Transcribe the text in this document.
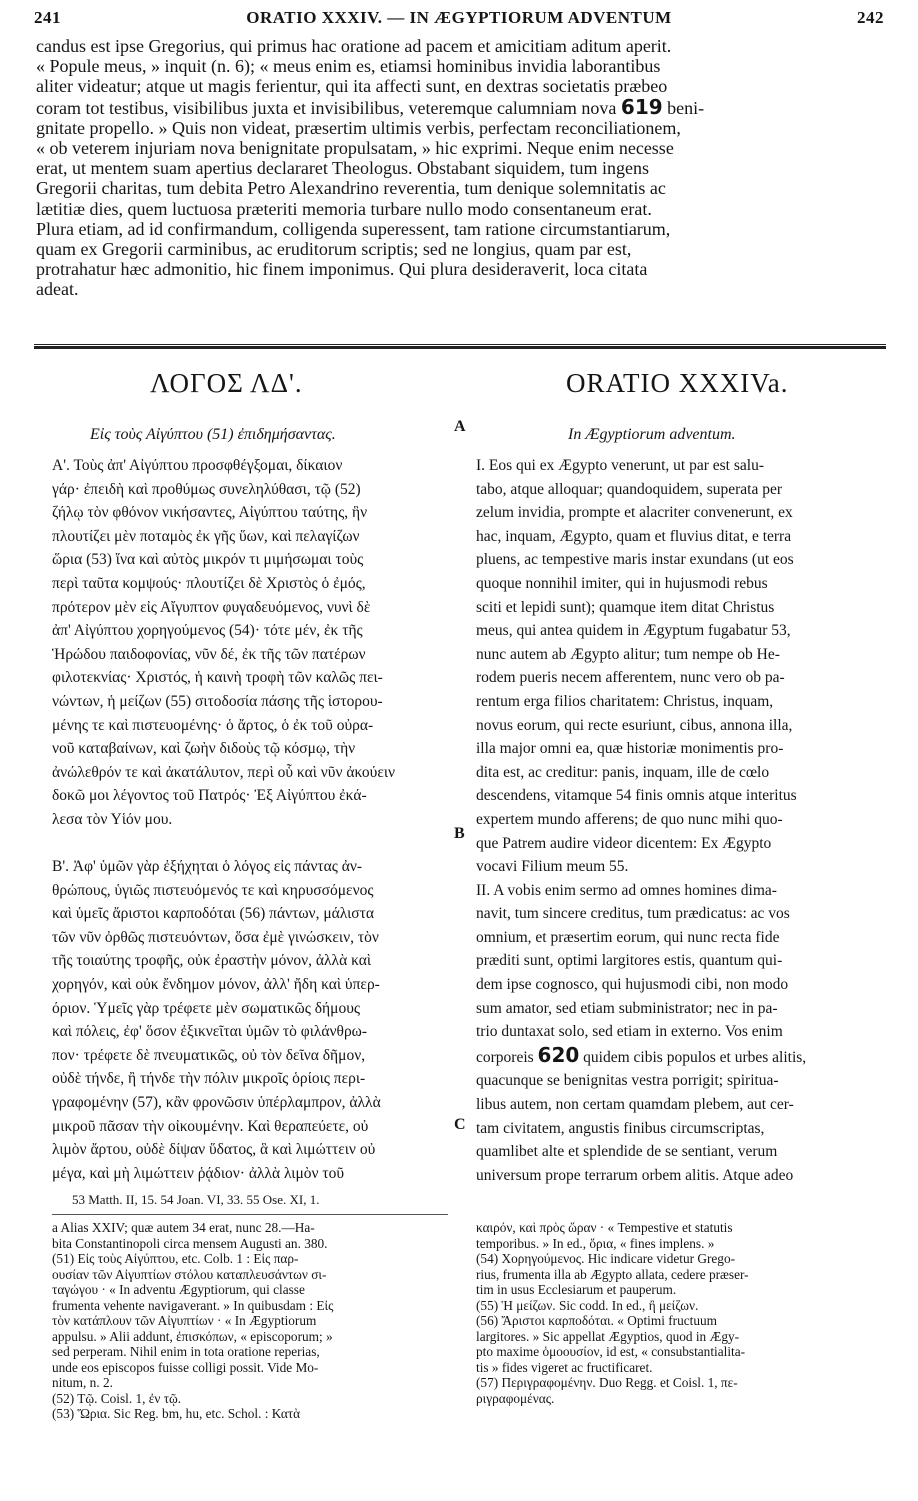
241	ORATIO XXXIV. — IN ÆGYPTIORUM ADVENTUM	242
candus est ipse Gregorius, qui primus hac oratione ad pacem et amicitiam aditum aperit.
« Popule meus, » inquit (n. 6); « meus enim es, etiamsi hominibus invidia laborantibus
aliter videatur; atque ut magis ferientur, qui ita affecti sunt, en dextras societatis præbeo
coram tot testibus, visibilibus juxta et invisibilibus, veteremque calumniam nova 619 beni-
gnitate propello. » Quis non videat, præsertim ultimis verbis, perfectam reconciliationem,
« ob veterem injuriam nova benignitate propulsatam, » hic exprimi. Neque enim necesse
erat, ut mentem suam apertius declararet Theologus. Obstabant siquidem, tum ingens
Gregorii charitas, tum debita Petro Alexandrino reverentia, tum denique solemnitatis ac
lætitiæ dies, quem luctuosa præteriti memoria turbare nullo modo consentaneum erat.
Plura etiam, ad id confirmandum, colligenda superessent, tam ratione circumstantiarum,
quam ex Gregorii carminibus, ac eruditorum scriptis; sed ne longius, quam par est,
protrahatur hæc admonitio, hic finem imponimus. Qui plura desideraverit, loca citata
adeat.
ΛΟΓΟΣ ΛΔ'.	ORATIO XXXIVa.
Εἰς τοὺς Αἰγύπτου (51) ἐπιδημήσαντας.	In Ægyptiorum adventum.
A
B
C
Α'. Τοὺς ἀπ' Αἰγύπτου προσφθέγξομαι, δίκαιον
γάρ· ἐπειδὴ καὶ προθύμως συνεληλύθασι, τῷ (52)
ζήλῳ τὸν φθόνον νικήσαντες, Αἰγύπτου ταύτης, ἣν
πλουτίζει μὲν ποταμὸς ἐκ γῆς ὕων, καὶ πελαγίζων
ὥρια (53) ἵνα καὶ αὐτὸς μικρόν τι μιμήσωμαι τοὺς
περὶ ταῦτα κομψούς· πλουτίζει δὲ Χριστὸς ὁ ἐμός,
πρότερον μὲν εἰς Αἴγυπτον φυγαδευόμενος, νυνὶ δὲ
ἀπ' Αἰγύπτου χορηγούμενος (54)· τότε μέν, ἐκ τῆς
Ἡρώδου παιδοφονίας, νῦν δέ, ἐκ τῆς τῶν πατέρων
φιλοτεκνίας· Χριστός, ἡ καινὴ τροφὴ τῶν καλῶς πει-
νώντων, ἡ μείζων (55) σιτοδοσία πάσης τῆς ἱστορου-
μένης τε καὶ πιστευομένης· ὁ ἄρτος, ὁ ἐκ τοῦ οὐρα-
νοῦ καταβαίνων, καὶ ζωὴν διδοὺς τῷ κόσμῳ, τὴν
ἀνώλεθρόν τε καὶ ἀκατάλυτον, περὶ οὗ καὶ νῦν ἀκούειν
δοκῶ μοι λέγοντος τοῦ Πατρός· Ἐξ Αἰγύπτου ἐκά-
λεσα τὸν Υἱόν μου.

Β'. Ἀφ' ὑμῶν γὰρ ἐξήχηται ὁ λόγος εἰς πάντας ἀν-
θρώπους, ὑγιῶς πιστευόμενός τε καὶ κηρυσσόμενος
καὶ ὑμεῖς ἄριστοι καρποδόται (56) πάντων, μάλιστα
τῶν νῦν ὀρθῶς πιστευόντων, ὅσα ἐμὲ γινώσκειν, τὸν
τῆς τοιαύτης τροφῆς, οὐκ ἐραστὴν μόνον, ἀλλὰ καὶ
χορηγόν, καὶ οὐκ ἔνδημον μόνον, ἀλλ' ἤδη καὶ ὑπερ-
όριον. Ὑμεῖς γὰρ τρέφετε μὲν σωματικῶς δήμους
καὶ πόλεις, ἐφ' ὅσον ἐξικνεῖται ὑμῶν τὸ φιλάνθρω-
πον· τρέφετε δὲ πνευματικῶς, οὐ τὸν δεῖνα δῆμον,
οὐδὲ τήνδε, ἢ τήνδε τὴν πόλιν μικροῖς ὁρίοις περι-
γραφομένην (57), κἂν φρονῶσιν ὑπέρλαμπρον, ἀλλὰ
μικροῦ πᾶσαν τὴν οἰκουμένην. Καὶ θεραπεύετε, οὐ
λιμὸν ἄρτου, οὐδὲ δίψαν ὕδατος, ἃ καὶ λιμώττειν οὐ
μέγα, καὶ μὴ λιμώττειν ῥᾴδιον· ἀλλὰ λιμὸν τοῦ
I. Eos qui ex Ægypto venerunt, ut par est salu-
tabo, atque alloquar; quandoquidem, superata per
zelum invidia, prompte et alacriter convenerunt, ex
hac, inquam, Ægypto, quam et fluvius ditat, e terra
pluens, ac tempestive maris instar exundans (ut eos
quoque nonnihil imiter, qui in hujusmodi rebus
sciti et lepidi sunt); quamque item ditat Christus
meus, qui antea quidem in Ægyptum fugabatur 53,
nunc autem ab Ægypto alitur; tum nempe ob He-
rodem pueris necem afferentem, nunc vero ob pa-
rentum erga filios charitatem: Christus, inquam,
novus eorum, qui recte esuriunt, cibus, annona illa,
illa major omni ea, quæ historiæ monimentis pro-
dita est, ac creditur: panis, inquam, ille de cœlo
descendens, vitamque 54 finis omnis atque interitus
expertem mundo afferens; de quo nunc mihi quo-
que Patrem audire videor dicentem: Ex Ægypto
vocavi Filium meum 55.
II. A vobis enim sermo ad omnes homines dima-
navit, tum sincere creditus, tum prædicatus: ac vos
omnium, et præsertim eorum, qui nunc recta fide
præditi sunt, optimi largitores estis, quantum qui-
dem ipse cognosco, qui hujusmodi cibi, non modo
sum amator, sed etiam subministrator; nec in pa-
trio duntaxat solo, sed etiam in externo. Vos enim
corporeis 620 quidem cibis populos et urbes alitis,
quacunque se benignitas vestra porrigit; spiritua-
libus autem, non certam quamdam plebem, aut cer-
tam civitatem, angustis finibus circumscriptas,
quamlibet alte et splendide de se sentiant, verum
universum prope terrarum orbem alitis. Atque adeo
53 Matth. II, 15. 54 Joan. VI, 33. 55 Ose. XI, 1.
a Alias XXIV; quæ autem 34 erat, nunc 28.—Ha-
bita Constantinopoli circa mensem Augusti an. 380.
(51) Εἰς τοὺς Αἰγύπτου, etc. Colb. 1 : Εἰς παρ-
ουσίαν τῶν Αἰγυπτίων στόλου καταπλευσάντων σι-
ταγώγου · « In adventu Ægyptiorum, qui classe
frumenta vehente navigaverant. » In quibusdam : Εἰς
τὸν κατάπλουν τῶν Αἰγυπτίων · « In Ægyptiorum
appulsu. » Alii addunt, ἐπισκόπων, « episcoporum; »
sed perperam. Nihil enim in tota oratione reperias,
unde eos episcopos fuisse colligi possit. Vide Mo-
nitum, n. 2.
(52) Τῷ. Coisl. 1, ἐν τῷ.
(53) Ὥρια. Sic Reg. bm, hu, etc. Schol. : Κατὰ
καιρόν, καὶ πρὸς ὥραν · « Tempestive et statutis
temporibus. » In ed., ὅρια, « fines implens. »
(54) Χορηγούμενος. Hic indicare videtur Grego-
rius, frumenta illa ab Ægypto allata, cedere præser-
tim in usus Ecclesiarum et pauperum.
(55) Ἡ μείζων. Sic codd. In ed., ἢ μείζων.
(56) Ἄριστοι καρποδόται. « Optimi fructuum
largitores. » Sic appellat Ægyptios, quod in Ægy-
pto maxime ὁμοουσίον, id est, « consubstantialita-
tis » fides vigeret ac fructificaret.
(57) Περιγραφομένην. Duo Regg. et Coisl. 1, πε-
ριγραφομένας.
